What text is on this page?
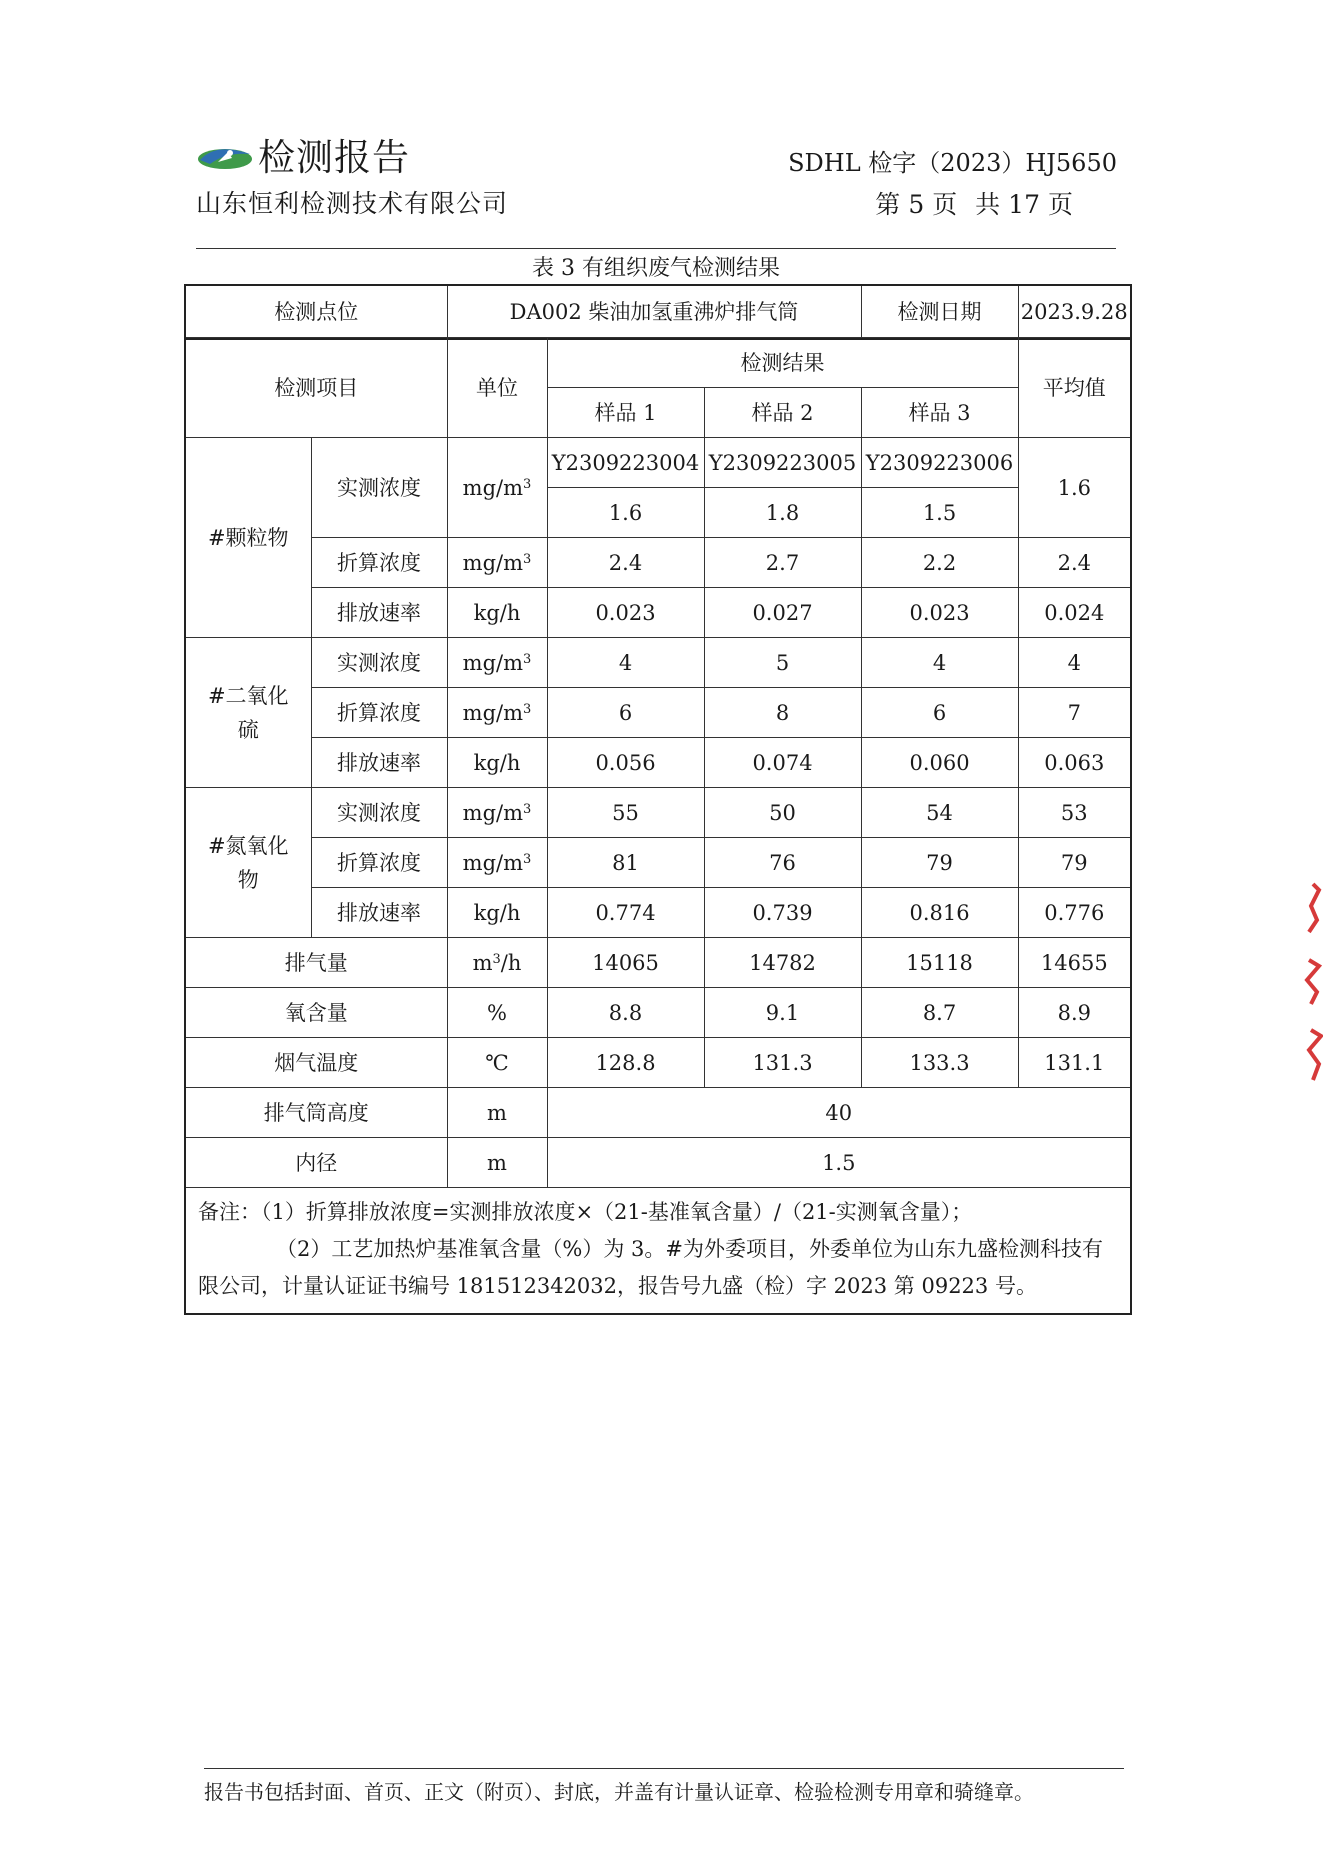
检测报告
山东恒利检测技术有限公司
SDHL 检字（2023）HJ5650
第 5 页 共 17 页
表 3 有组织废气检测结果
检测点位	DA002 柴油加氢重沸炉排气筒	检测日期	2023.9.28
检测项目		单位	检测结果			平均值
			样品 1	样品 2	样品 3	
#颗粒物	实测浓度	$mg/m^3$	Y2309223004	Y2309223005	Y2309223006	1.6
			1.6	1.8	1.5	
	折算浓度	$mg/m^3$	2.4	2.7	2.2	2.4
	排放速率	kg/h	0.023	0.027	0.023	0.024
#二氧化硫	实测浓度	$mg/m^3$	4	5	4	4
	折算浓度	$mg/m^3$	6	8	6	7
	排放速率	kg/h	0.056	0.074	0.060	0.063
#氮氧化物	实测浓度	$mg/m^3$	55	50	54	53
	折算浓度	$mg/m^3$	81	76	79	79
	排放速率	kg/h	0.774	0.739	0.816	0.776
排气量		$m^3/h$	14065	14782	15118	14655
氧含量		%	8.8	9.1	8.7	8.9
烟气温度		℃	128.8	131.3	133.3	131.1
排气筒高度		m	40			
内径		m	1.5			

备注：（1）折算排放浓度=实测排放浓度×（21-基准氧含量）/（21-实测氧含量）；
（2）工艺加热炉基准氧含量（%）为 3。#为外委项目，外委单位为山东九盛检测科技有限公司，计量认证证书编号 181512342032，报告号九盛（检）字 2023 第 09223 号。						
报告书包括封面、首页、正文（附页）、封底，并盖有计量认证章、检验检测专用章和骑缝章。
